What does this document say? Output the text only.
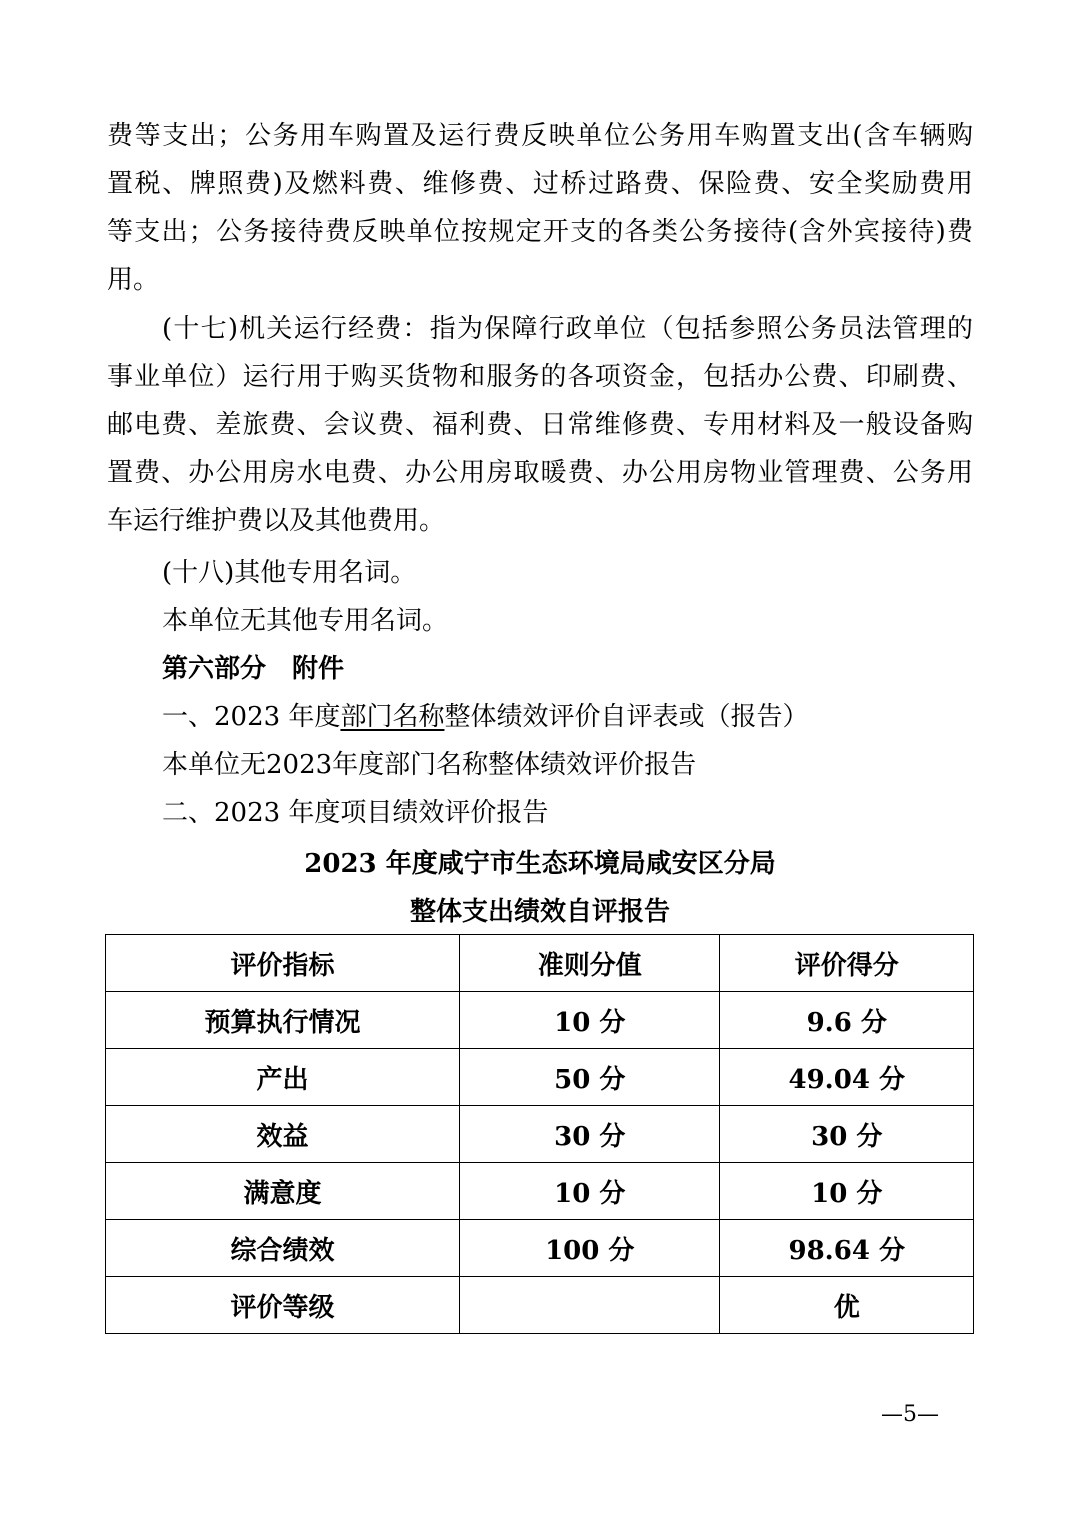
费等支出；公务用车购置及运行费反映单位公务用车购置支出(含车辆购
置税、牌照费)及燃料费、维修费、过桥过路费、保险费、安全奖励费用
等支出；公务接待费反映单位按规定开支的各类公务接待(含外宾接待)费
用。
(十七)机关运行经费：指为保障行政单位（包括参照公务员法管理的
事业单位）运行用于购买货物和服务的各项资金，包括办公费、印刷费、
邮电费、差旅费、会议费、福利费、日常维修费、专用材料及一般设备购
置费、办公用房水电费、办公用房取暖费、办公用房物业管理费、公务用
车运行维护费以及其他费用。
(十八)其他专用名词。
本单位无其他专用名词。
第六部分　附件
一、2023 年度部门名称整体绩效评价自评表或（报告）
本单位无2023年度部门名称整体绩效评价报告
二、2023 年度项目绩效评价报告
2023 年度咸宁市生态环境局咸安区分局
整体支出绩效自评报告
评价指标	准则分值	评价得分
预算执行情况	10 分	9.6 分
产出	50 分	49.04 分
效益	30 分	30 分
满意度	10 分	10 分
综合绩效	100 分	98.64 分
评价等级		优
—5—
